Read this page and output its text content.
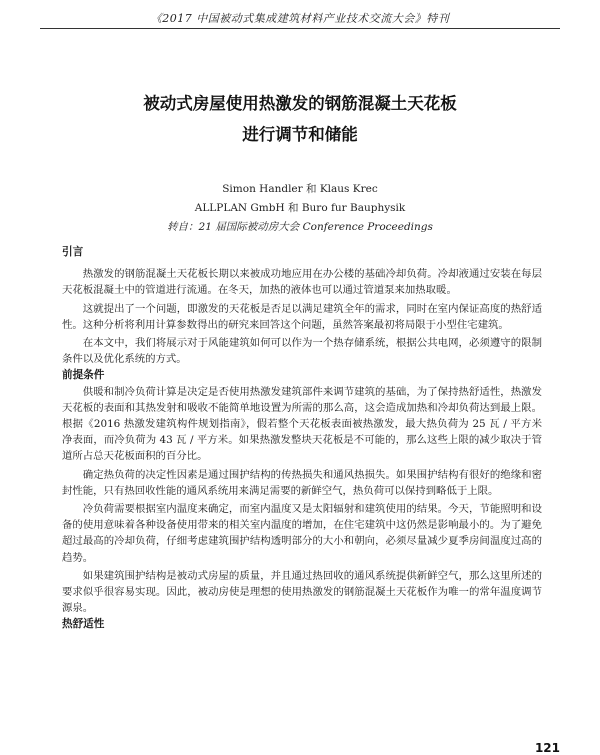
《2017 中国被动式集成建筑材料产业技术交流大会》特刊
被动式房屋使用热激发的钢筋混凝土天花板
进行调节和储能
Simon Handler 和 Klaus Krec
ALLPLAN GmbH 和 Buro fur Bauphysik
转自：21 届国际被动房大会 Conference Proceedings
引言

热激发的钢筋混凝土天花板长期以来被成功地应用在办公楼的基础冷却负荷。冷却液通过安装在每层天花板混凝土中的管道进行流通。在冬天，加热的液体也可以通过管道泵来加热取暖。

这就提出了一个问题，即激发的天花板是否足以满足建筑全年的需求，同时在室内保证高度的热舒适性。这种分析将利用计算参数得出的研究来回答这个问题，虽然答案最初将局限于小型住宅建筑。

在本文中，我们将展示对于风能建筑如何可以作为一个热存储系统，根据公共电网，必须遵守的限制条件以及优化系统的方式。

前提条件

供暖和制冷负荷计算是决定是否使用热激发建筑部件来调节建筑的基础，为了保持热舒适性，热激发天花板的表面和其热发射和吸收不能简单地设置为所需的那么高，这会造成加热和冷却负荷达到最上限。根据《2016 热激发建筑构件规划指南》，假若整个天花板表面被热激发，最大热负荷为 25 瓦 / 平方米净表面，而冷负荷为 43 瓦 / 平方米。如果热激发整块天花板是不可能的，那么这些上限的减少取决于管道所占总天花板面积的百分比。

确定热负荷的决定性因素是通过围护结构的传热损失和通风热损失。如果围护结构有很好的绝缘和密封性能，只有热回收性能的通风系统用来满足需要的新鲜空气，热负荷可以保持到略低于上限。

冷负荷需要根据室内温度来确定，而室内温度又是太阳辐射和建筑使用的结果。今天，节能照明和设备的使用意味着各种设备使用带来的相关室内温度的增加，在住宅建筑中这仍然是影响最小的。为了避免超过最高的冷却负荷，仔细考虑建筑围护结构透明部分的大小和朝向，必须尽量减少夏季房间温度过高的趋势。

如果建筑围护结构是被动式房屋的质量，并且通过热回收的通风系统提供新鲜空气，那么这里所述的要求似乎很容易实现。因此，被动房使是理想的使用热激发的钢筋混凝土天花板作为唯一的常年温度调节源泉。

热舒适性
121
